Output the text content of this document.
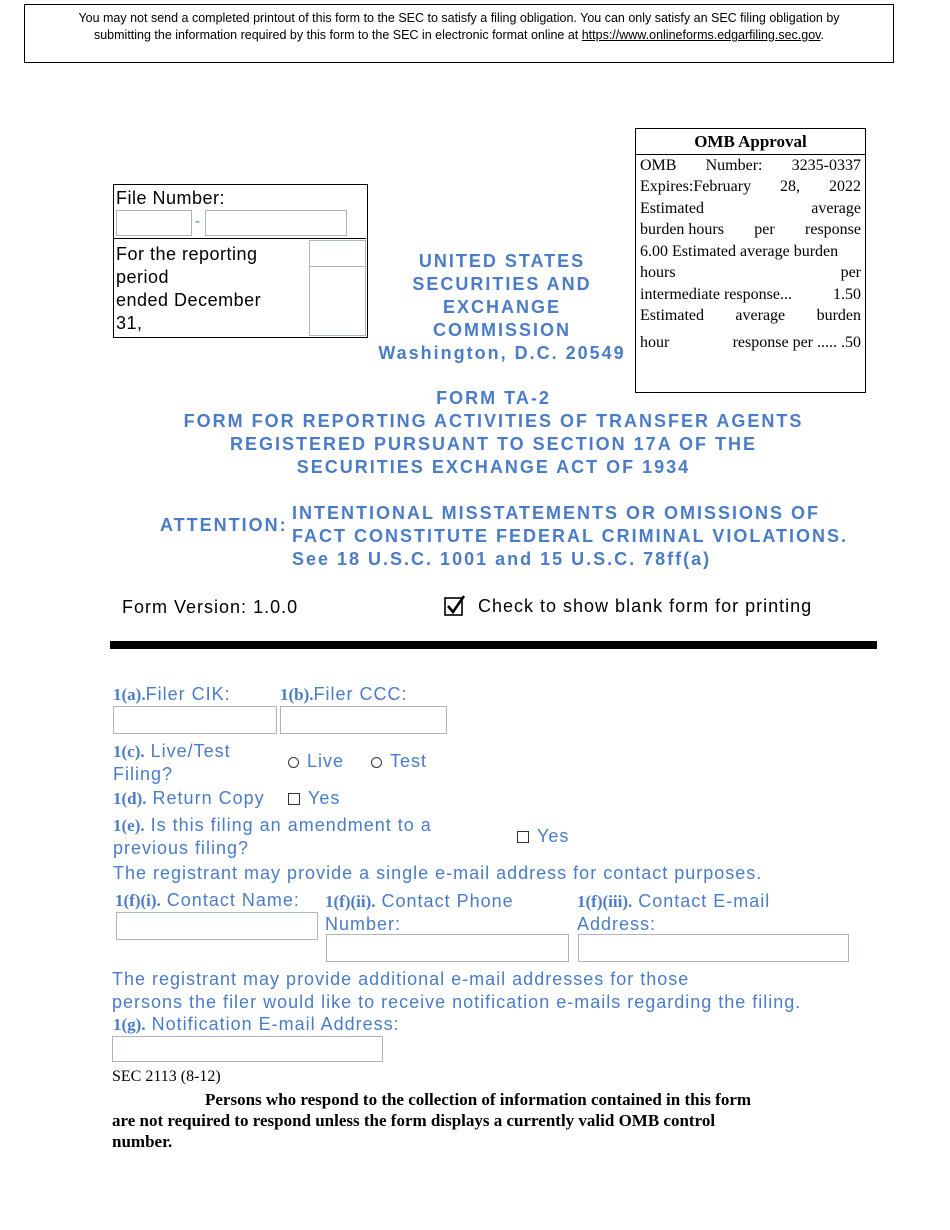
You may not send a completed printout of this form to the SEC to satisfy a filing obligation. You can only satisfy an SEC filing obligation by
submitting the information required by this form to the SEC in electronic format online at https://www.onlineforms.edgarfiling.sec.gov.
OMB Approval
OMB Number: 3235-0337
Expires:February 28, 2022
Estimated	average
burden hours per response
6.00 Estimated average burden
hours	per
intermediate response...	1.50
Estimated average burden
hour	response per ..... .50
File Number:
-
For the reporting
period
ended December
31,
UNITED STATES
SECURITIES AND
EXCHANGE
COMMISSION
Washington, D.C. 20549
FORM TA-2
FORM FOR REPORTING ACTIVITIES OF TRANSFER AGENTS
REGISTERED PURSUANT TO SECTION 17A OF THE
SECURITIES EXCHANGE ACT OF 1934
ATTENTION:
INTENTIONAL MISSTATEMENTS OR OMISSIONS OF
FACT CONSTITUTE FEDERAL CRIMINAL VIOLATIONS.
See 18 U.S.C. 1001 and 15 U.S.C. 78ff(a)
Form Version: 1.0.0	Check to show blank form for printing
1(a).Filer CIK:	1(b).Filer CCC:
1(c). Live/Test
Filing?
Live	Test
1(d). Return Copy	Yes
1(e). Is this filing an amendment to a
previous filing?
Yes
The registrant may provide a single e-mail address for contact purposes.
1(f)(i). Contact Name: 1(f)(ii). Contact Phone
Number:
1(f)(iii). Contact E-mail
Address:
The registrant may provide additional e-mail addresses for those
persons the filer would like to receive notification e-mails regarding the filing.
1(g). Notification E-mail Address:
SEC 2113 (8-12)
Persons who respond to the collection of information contained in this form
are not required to respond unless the form displays a currently valid OMB control
number.
